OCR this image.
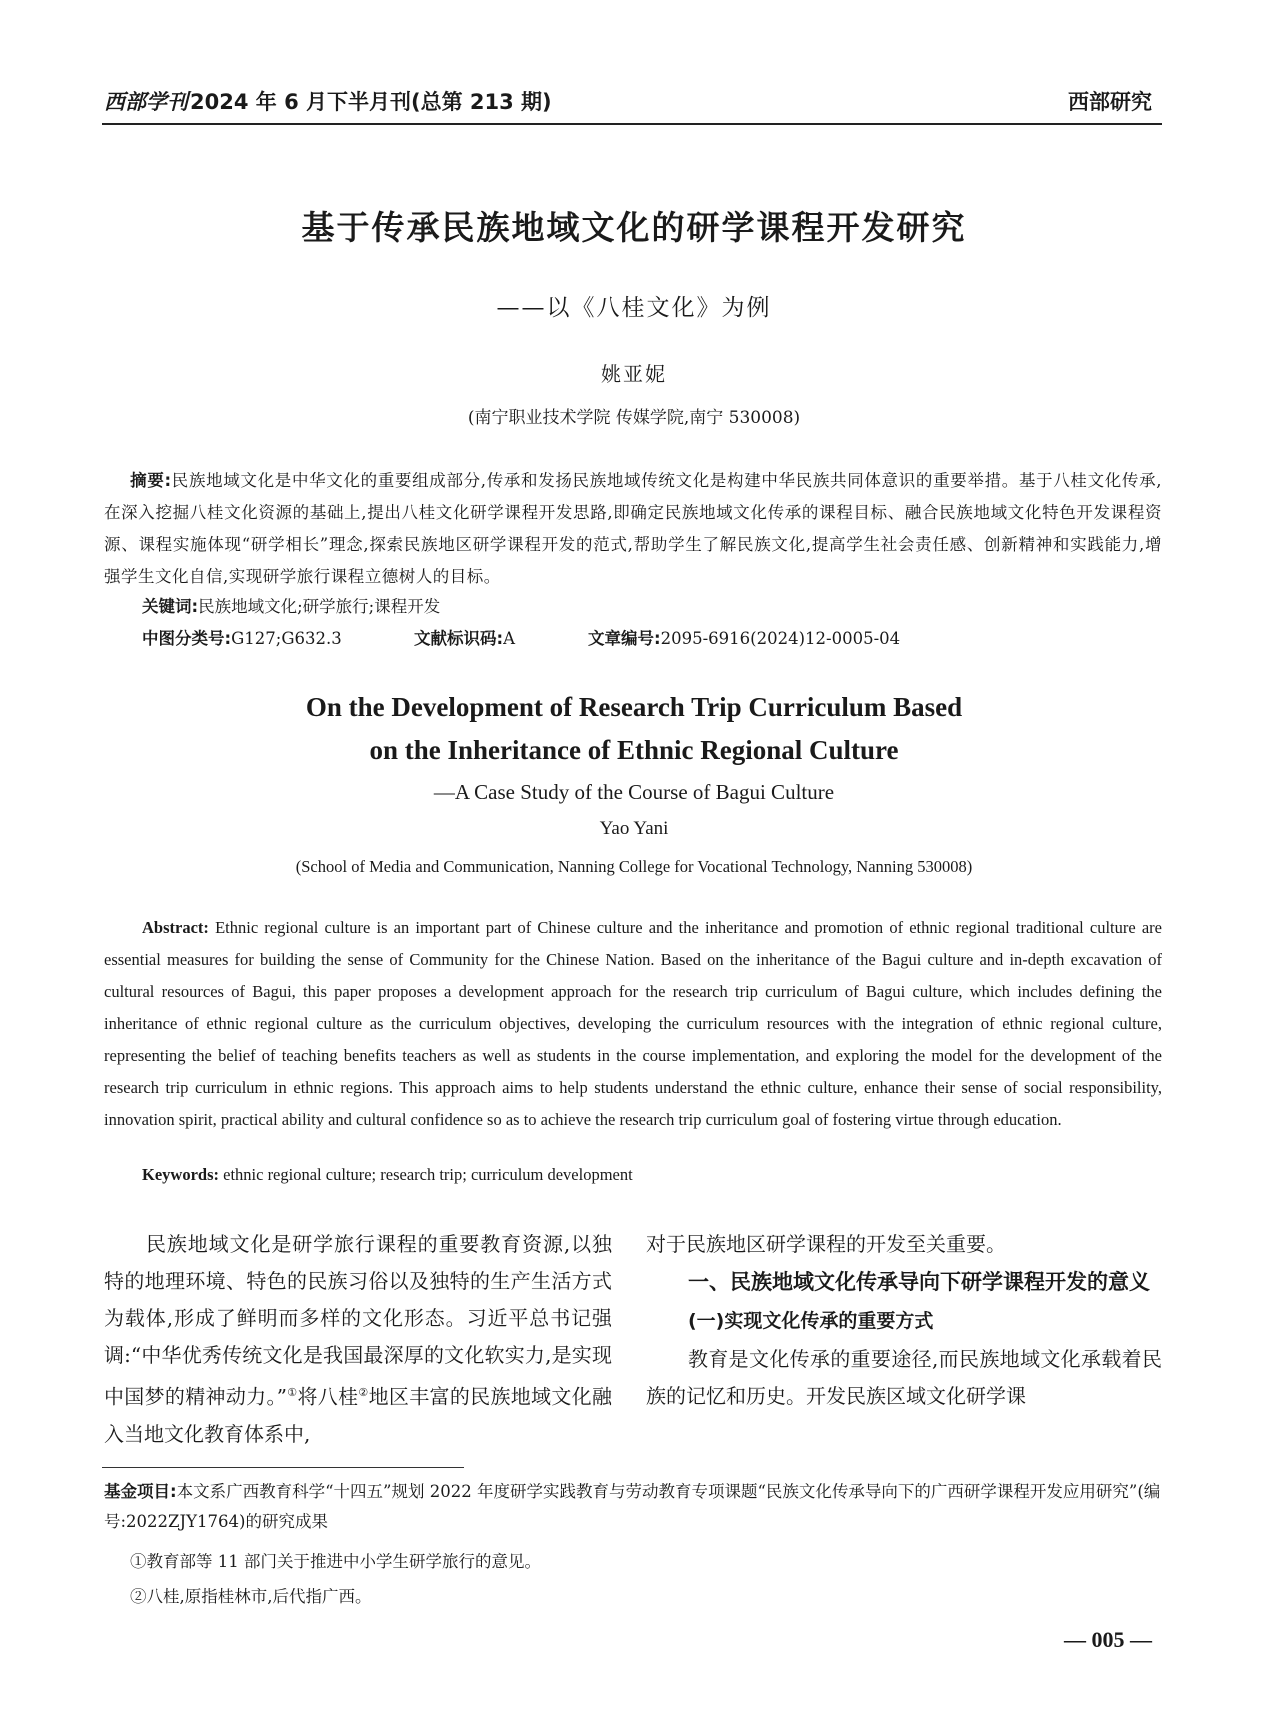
西部学刊2024 年 6 月下半月刊(总第 213 期)	西部研究
基于传承民族地域文化的研学课程开发研究
——以《八桂文化》为例
姚亚妮
(南宁职业技术学院 传媒学院,南宁 530008)
摘要:民族地域文化是中华文化的重要组成部分,传承和发扬民族地域传统文化是构建中华民族共同体意识的重要举措。基于八桂文化传承,在深入挖掘八桂文化资源的基础上,提出八桂文化研学课程开发思路,即确定民族地域文化传承的课程目标、融合民族地域文化特色开发课程资源、课程实施体现“研学相长”理念,探索民族地区研学课程开发的范式,帮助学生了解民族文化,提高学生社会责任感、创新精神和实践能力,增强学生文化自信,实现研学旅行课程立德树人的目标。
关键词:民族地域文化;研学旅行;课程开发
中图分类号:G127;G632.3	文献标识码:A	文章编号:2095-6916(2024)12-0005-04
On the Development of Research Trip Curriculum Based
on the Inheritance of Ethnic Regional Culture
—A Case Study of the Course of Bagui Culture
Yao Yani
(School of Media and Communication, Nanning College for Vocational Technology, Nanning 530008)
Abstract: Ethnic regional culture is an important part of Chinese culture and the inheritance and promotion of ethnic regional traditional culture are essential measures for building the sense of Community for the Chinese Nation. Based on the inheritance of the Bagui culture and in-depth excavation of cultural resources of Bagui, this paper proposes a development approach for the research trip curriculum of Bagui culture, which includes defining the inheritance of ethnic regional culture as the curriculum objectives, developing the curriculum resources with the integration of ethnic regional culture, representing the belief of teaching benefits teachers as well as students in the course implementation, and exploring the model for the development of the research trip curriculum in ethnic regions. This approach aims to help students understand the ethnic culture, enhance their sense of social responsibility, innovation spirit, practical ability and cultural confidence so as to achieve the research trip curriculum goal of fostering virtue through education.
Keywords: ethnic regional culture; research trip; curriculum development
民族地域文化是研学旅行课程的重要教育资源,以独特的地理环境、特色的民族习俗以及独特的生产生活方式为载体,形成了鲜明而多样的文化形态。习近平总书记强调:“中华优秀传统文化是我国最深厚的文化软实力,是实现中国梦的精神动力。”①将八桂②地区丰富的民族地域文化融入当地文化教育体系中,
对于民族地区研学课程的开发至关重要。
一、民族地域文化传承导向下研学课程开发的意义
(一)实现文化传承的重要方式
教育是文化传承的重要途径,而民族地域文化承载着民族的记忆和历史。开发民族区域文化研学课
基金项目:本文系广西教育科学“十四五”规划 2022 年度研学实践教育与劳动教育专项课题“民族文化传承导向下的广西研学课程开发应用研究”(编号:2022ZJY1764)的研究成果
①教育部等 11 部门关于推进中小学生研学旅行的意见。
②八桂,原指桂林市,后代指广西。
— 005 —
